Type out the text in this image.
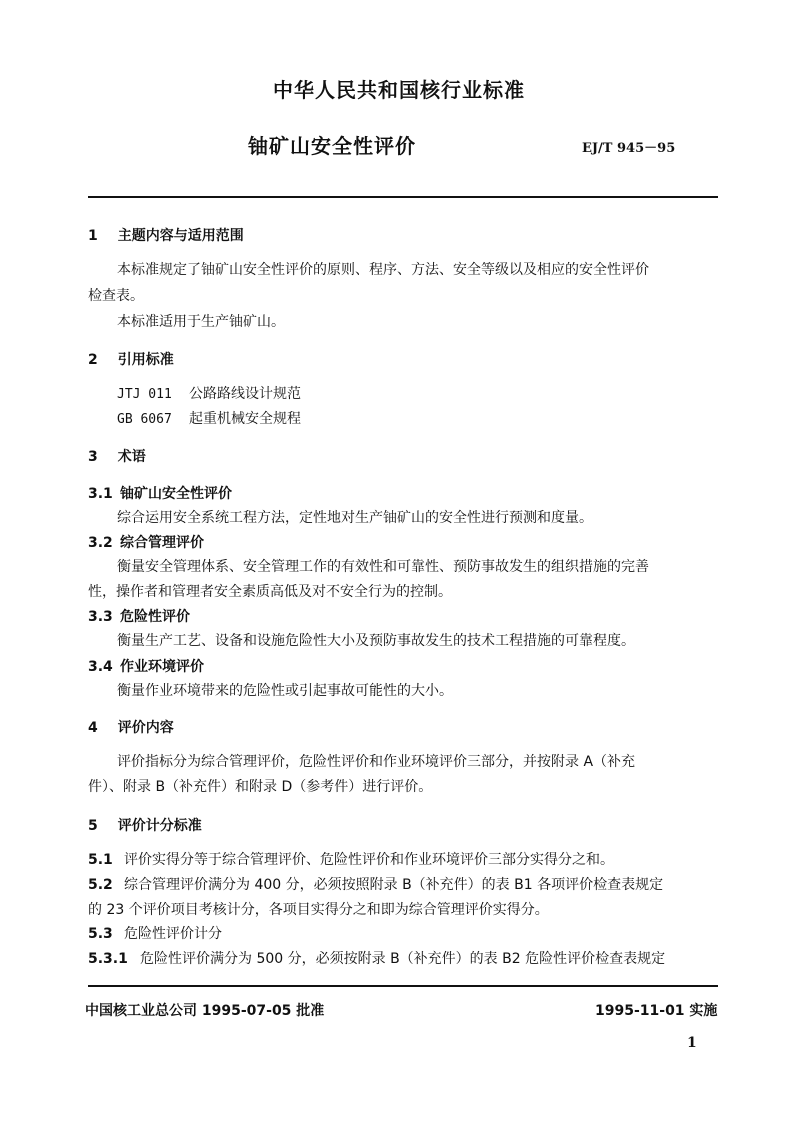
中华人民共和国核行业标准
铀矿山安全性评价	EJ/T 945－95
1 主题内容与适用范围
本标准规定了铀矿山安全性评价的原则、程序、方法、安全等级以及相应的安全性评价
检查表。
本标准适用于生产铀矿山。
2 引用标准
JTJ 011 公路路线设计规范
GB 6067 起重机械安全规程
3 术语
3.1 铀矿山安全性评价
综合运用安全系统工程方法，定性地对生产铀矿山的安全性进行预测和度量。
3.2 综合管理评价
衡量安全管理体系、安全管理工作的有效性和可靠性、预防事故发生的组织措施的完善
性，操作者和管理者安全素质高低及对不安全行为的控制。
3.3 危险性评价
衡量生产工艺、设备和设施危险性大小及预防事故发生的技术工程措施的可靠程度。
3.4 作业环境评价
衡量作业环境带来的危险性或引起事故可能性的大小。
4 评价内容
评价指标分为综合管理评价，危险性评价和作业环境评价三部分，并按附录 A（补充
件）、附录 B（补充件）和附录 D（参考件）进行评价。
5 评价计分标准
5.1 评价实得分等于综合管理评价、危险性评价和作业环境评价三部分实得分之和。
5.2 综合管理评价满分为 400 分，必须按照附录 B（补充件）的表 B1 各项评价检查表规定
的 23 个评价项目考核计分，各项目实得分之和即为综合管理评价实得分。
5.3 危险性评价计分
5.3.1 危险性评价满分为 500 分，必须按附录 B（补充件）的表 B2 危险性评价检查表规定
中国核工业总公司 1995-07-05 批准	1995-11-01 实施
1
